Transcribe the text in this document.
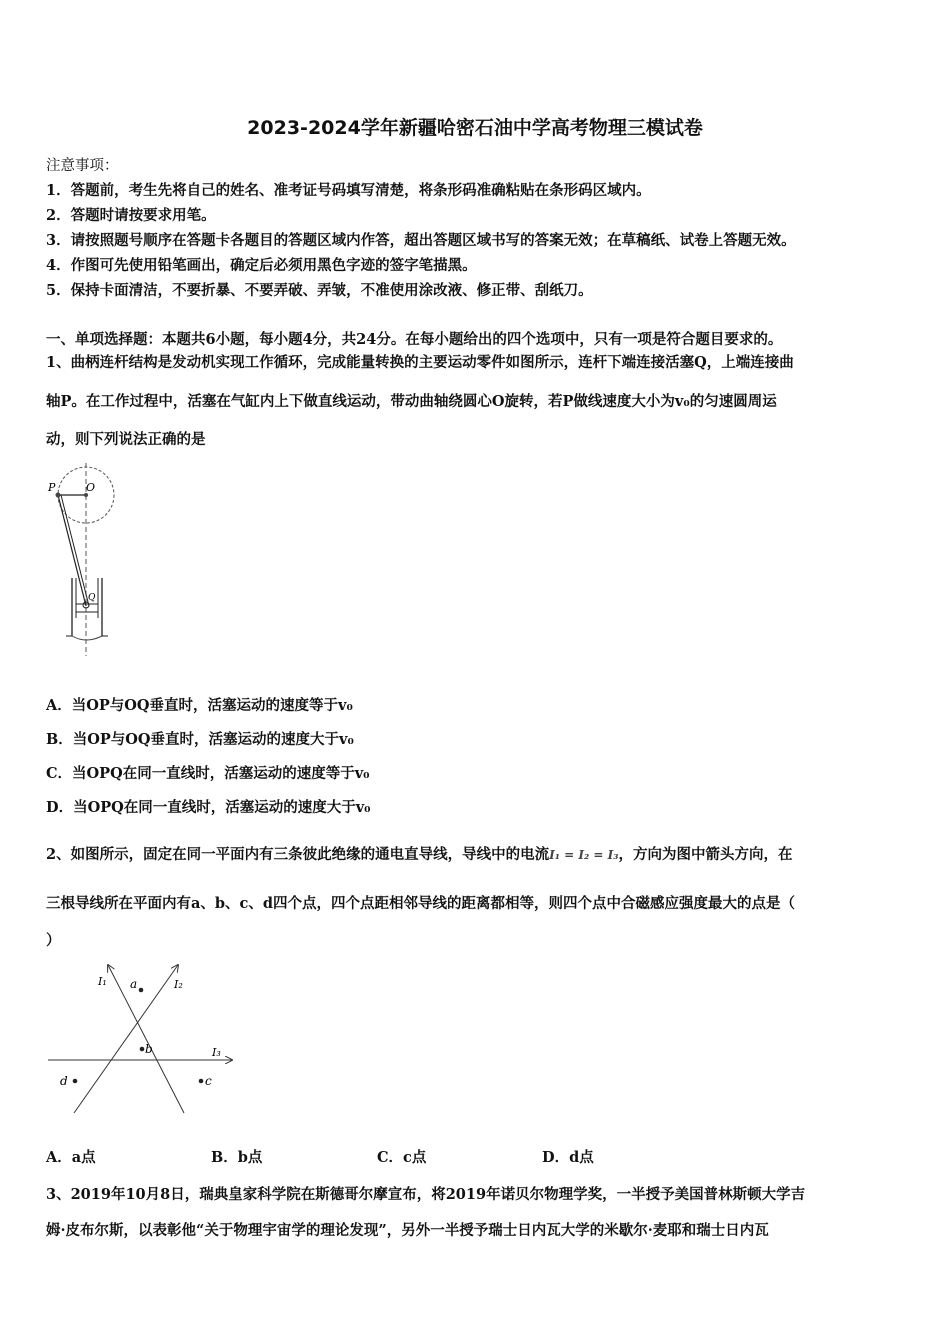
2023-2024学年新疆哈密石油中学高考物理三模试卷
注意事项：
1．答题前，考生先将自己的姓名、准考证号码填写清楚，将条形码准确粘贴在条形码区域内。
2．答题时请按要求用笔。
3．请按照题号顺序在答题卡各题目的答题区域内作答，超出答题区域书写的答案无效；在草稿纸、试卷上答题无效。
4．作图可先使用铅笔画出，确定后必须用黑色字迹的签字笔描黑。
5．保持卡面清洁，不要折暴、不要弄破、弄皱，不准使用涂改液、修正带、刮纸刀。
一、单项选择题：本题共6小题，每小题4分，共24分。在每小题给出的四个选项中，只有一项是符合题目要求的。
1、曲柄连杆结构是发动机实现工作循环，完成能量转换的主要运动零件如图所示，连杆下端连接活塞Q，上端连接曲
轴P。在工作过程中，活塞在气缸内上下做直线运动，带动曲轴绕圆心O旋转，若P做线速度大小为v₀的匀速圆周运
动，则下列说法正确的是
P	O
Q
A．当OP与OQ垂直时，活塞运动的速度等于v₀
B．当OP与OQ垂直时，活塞运动的速度大于v₀
C．当OPQ在同一直线时，活塞运动的速度等于v₀
D．当OPQ在同一直线时，活塞运动的速度大于v₀
2、如图所示，固定在同一平面内有三条彼此绝缘的通电直导线，导线中的电流I₁ = I₂ = I₃，方向为图中箭头方向，在
三根导线所在平面内有a、b、c、d四个点，四个点距相邻导线的距离都相等，则四个点中合磁感应强度最大的点是（
）
I₁	I₂
I₃
a
b
d	c
A．a点	B．b点	C．c点	D．d点
3、2019年10月8日，瑞典皇家科学院在斯德哥尔摩宣布，将2019年诺贝尔物理学奖，一半授予美国普林斯顿大学吉
姆·皮布尔斯，以表彰他“关于物理宇宙学的理论发现”，另外一半授予瑞士日内瓦大学的米歇尔·麦耶和瑞士日内瓦
